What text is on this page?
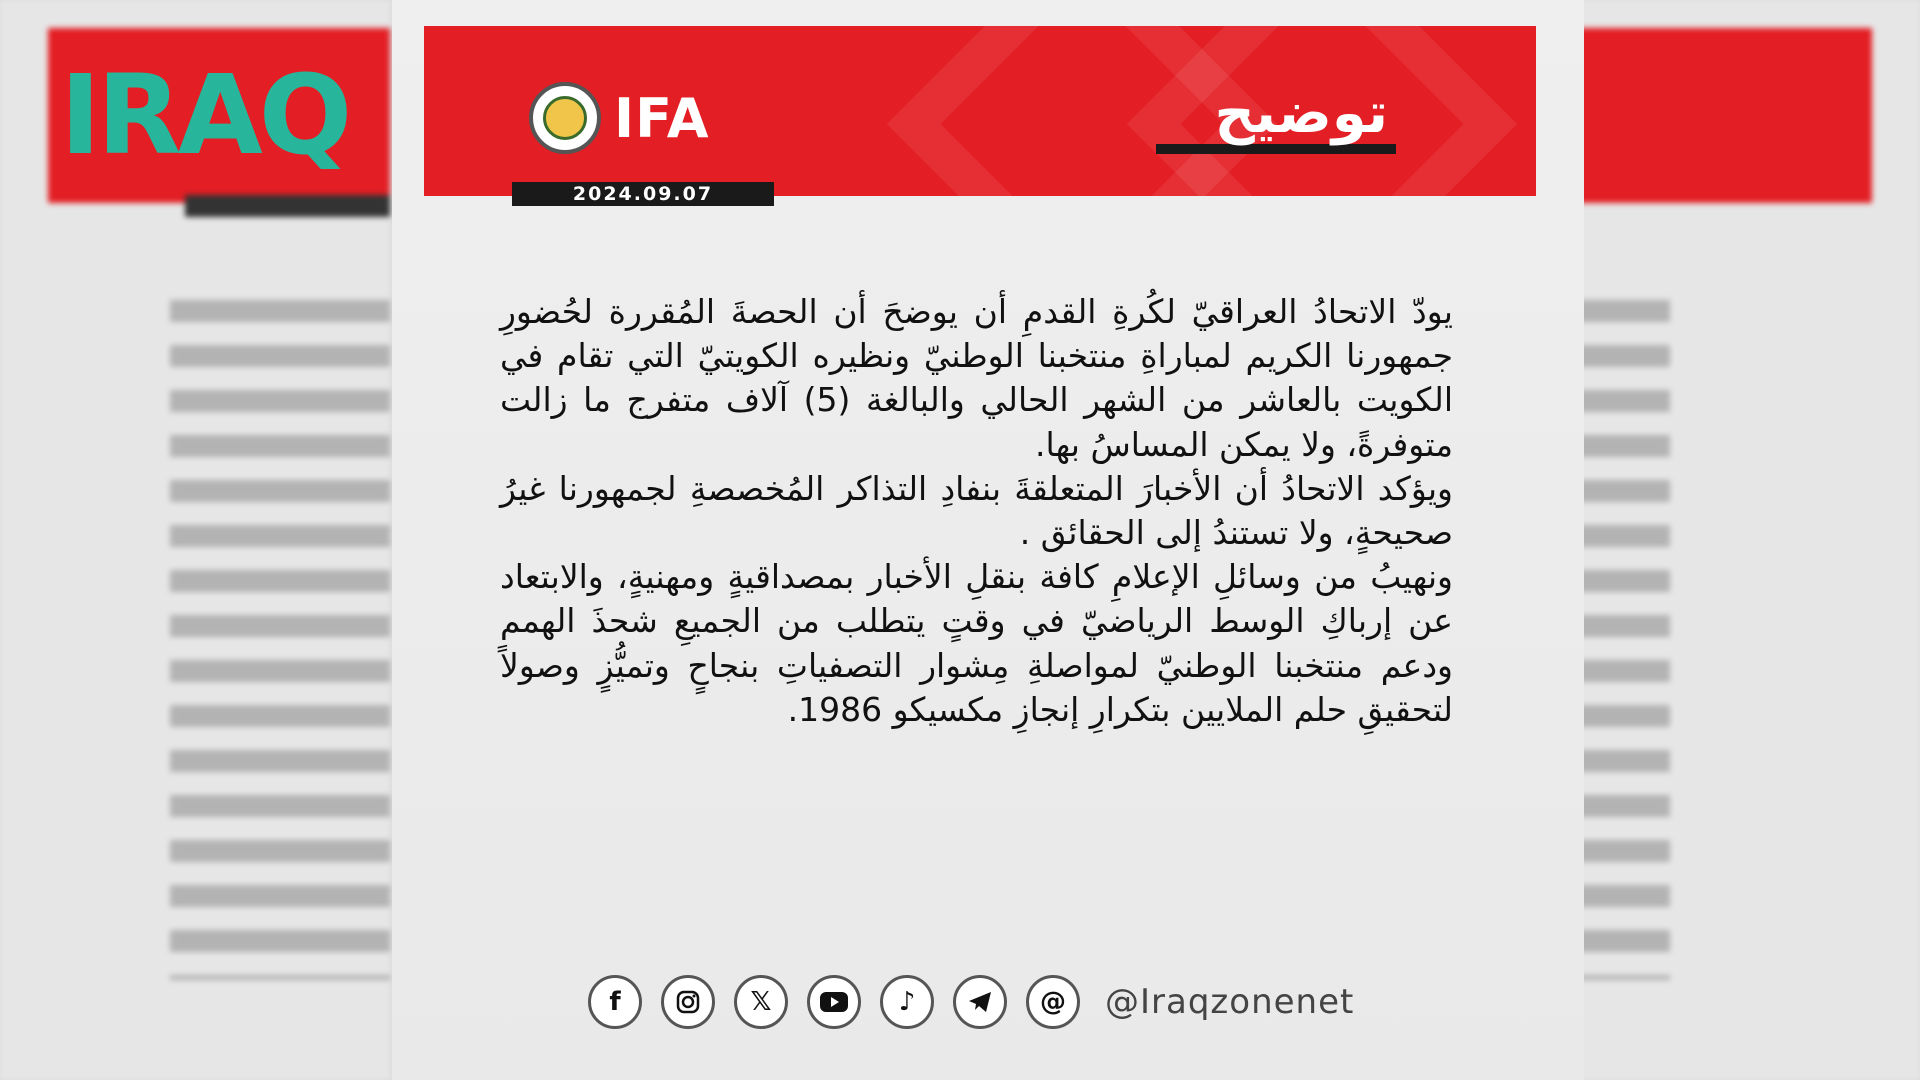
IRAQ	IFA	توضيح
2024.09.07

يودّ الاتحادُ العراقيّ لكُرةِ القدمِ أن يوضحَ أن الحصةَ المُقررة لحُضورِ جمهورنا الكريم لمباراةِ منتخبنا الوطنيّ ونظيره الكويتيّ التي تقام في الكويت بالعاشر من الشهر الحالي والبالغة (5) آلاف متفرج ما زالت متوفرةً، ولا يمكن المساسُ بها.

ويؤكد الاتحادُ أن الأخبارَ المتعلقةَ بنفادِ التذاكر المُخصصةِ لجمهورنا غيرُ صحيحةٍ، ولا تستندُ إلى الحقائق .

ونهيبُ من وسائلِ الإعلامِ كافة بنقلِ الأخبار بمصداقيةٍ ومهنيةٍ، والابتعاد عن إرباكِ الوسط الرياضيّ في وقتٍ يتطلب من الجميعِ شحذَ الهمم ودعم منتخبنا الوطنيّ لمواصلةِ مِشوار التصفياتِ بنجاحٍ وتميُّزٍ وصولاً لتحقيقِ حلم الملايين بتكرارِ إنجازِ مكسيكو 1986.

f	𝕏	♪	@	@Iraqzonenet
